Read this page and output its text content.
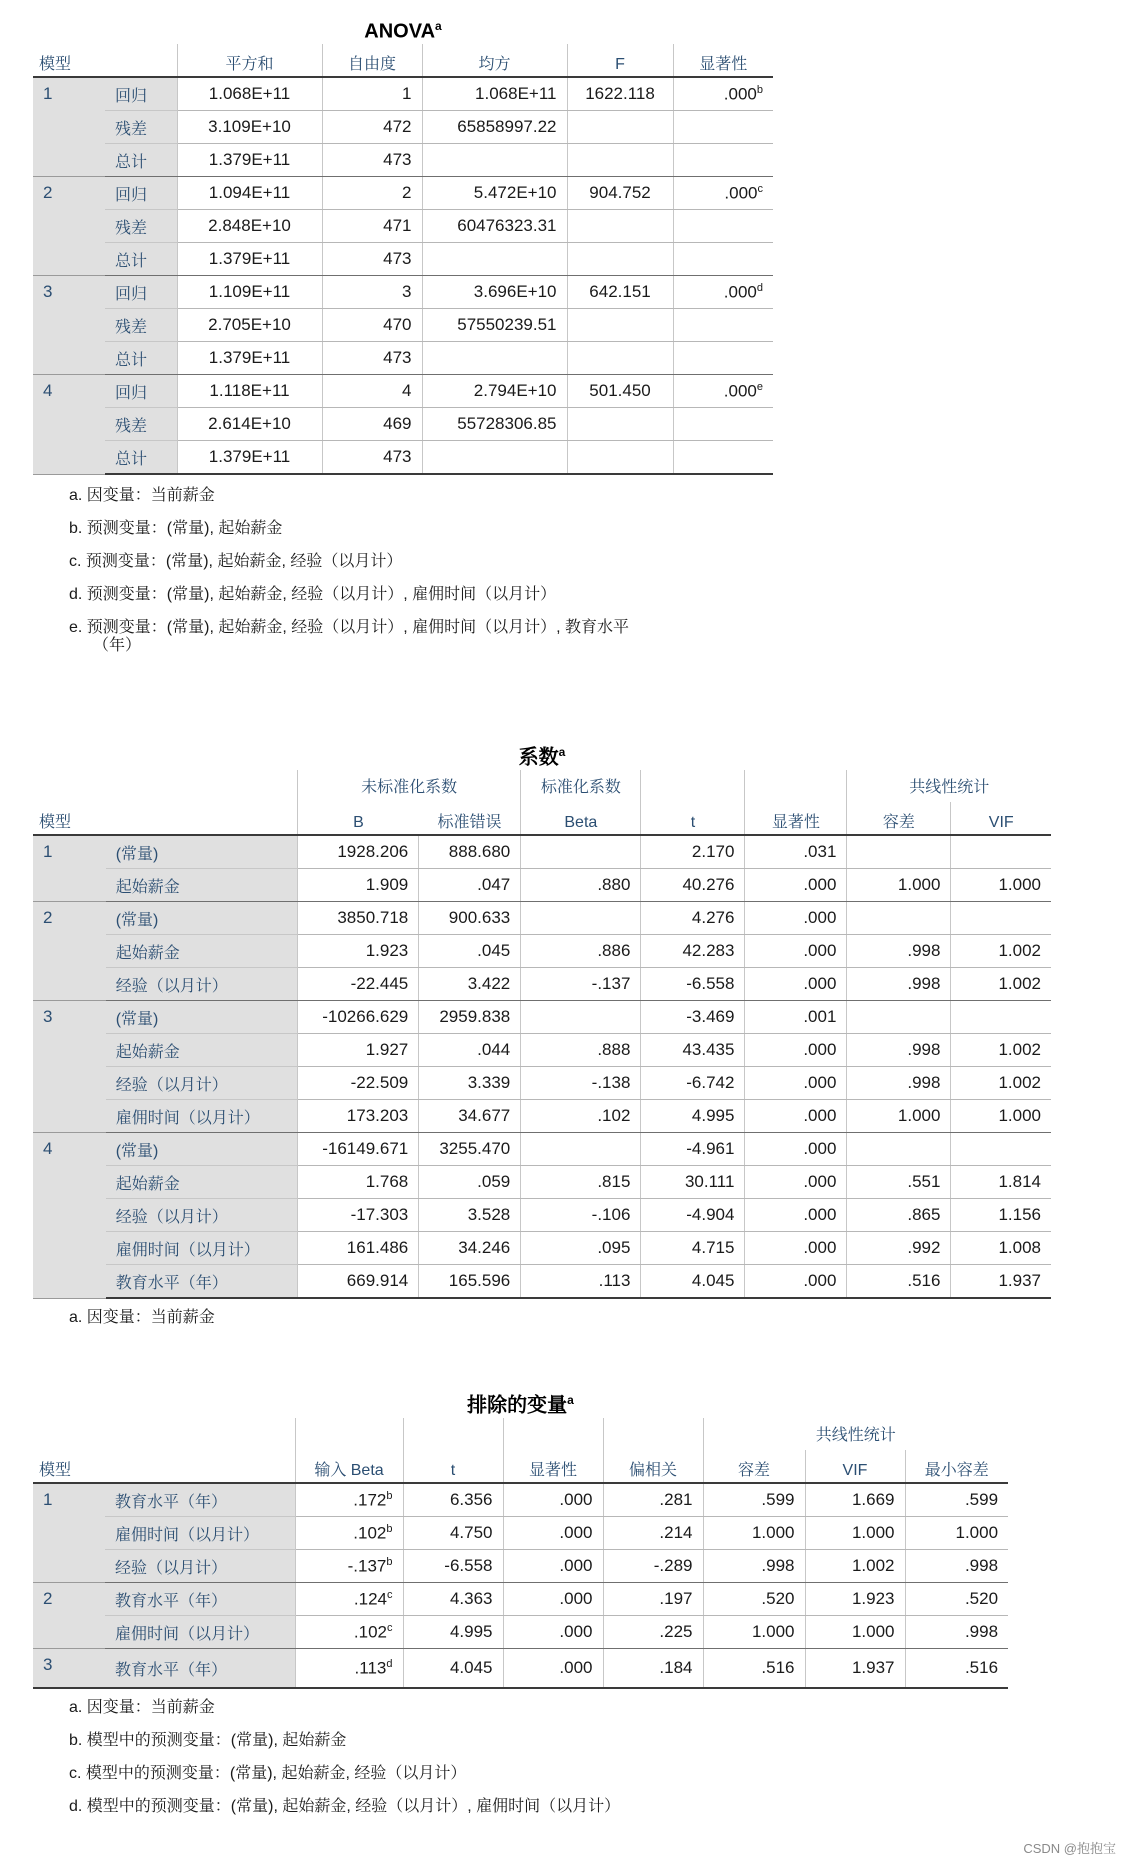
ANOVA$^a$
模型		平方和	自由度	均方	F	显著性
1	回归	1.068E+11	1	1.068E+11	1622.118	.000$^b$
	残差	3.109E+10	472	65858997.22		
	总计	1.379E+11	473			
2	回归	1.094E+11	2	5.472E+10	904.752	.000$^c$
	残差	2.848E+10	471	60476323.31		
	总计	1.379E+11	473			
3	回归	1.109E+11	3	3.696E+10	642.151	.000$^d$
	残差	2.705E+10	470	57550239.51		
	总计	1.379E+11	473			
4	回归	1.118E+11	4	2.794E+10	501.450	.000e
	残差	2.614E+10	469	55728306.85		
	总计	1.379E+11	473			
a. 因变量：当前薪金
b. 预测变量：(常量), 起始薪金
c. 预测变量：(常量), 起始薪金, 经验（以月计）
d. 预测变量：(常量), 起始薪金, 经验（以月计）, 雇佣时间（以月计）
e. 预测变量：(常量), 起始薪金, 经验（以月计）, 雇佣时间（以月计）, 教育水平
（年）
系数$^a$
		未标准化系数		标准化系数			共线性统计	
模型		B	标准错误	Beta	t	显著性	容差	VIF
1	(常量)	1928.206	888.680		2.170	.031		
	起始薪金	1.909	.047	.880	40.276	.000	1.000	1.000
2	(常量)	3850.718	900.633		4.276	.000		
	起始薪金	1.923	.045	.886	42.283	.000	.998	1.002
	经验（以月计）	-22.445	3.422	-.137	-6.558	.000	.998	1.002
3	(常量)	-10266.629	2959.838		-3.469	.001		
	起始薪金	1.927	.044	.888	43.435	.000	.998	1.002
	经验（以月计）	-22.509	3.339	-.138	-6.742	.000	.998	1.002
	雇佣时间（以月计）	173.203	34.677	.102	4.995	.000	1.000	1.000
4	(常量)	-16149.671	3255.470		-4.961	.000		
	起始薪金	1.768	.059	.815	30.111	.000	.551	1.814
	经验（以月计）	-17.303	3.528	-.106	-4.904	.000	.865	1.156
	雇佣时间（以月计）	161.486	34.246	.095	4.715	.000	.992	1.008
	教育水平（年）	669.914	165.596	.113	4.045	.000	.516	1.937
a. 因变量：当前薪金
排除的变量$^a$
						共线性统计		
模型		输入 Beta	t	显著性	偏相关	容差	VIF	最小容差
1	教育水平（年）	.172$^b$	6.356	.000	.281	.599	1.669	.599
	雇佣时间（以月计）	.102$^b$	4.750	.000	.214	1.000	1.000	1.000
	经验（以月计）	-.137$^b$	-6.558	.000	-.289	.998	1.002	.998
2	教育水平（年）	.124$^c$	4.363	.000	.197	.520	1.923	.520
	雇佣时间（以月计）	.102$^c$	4.995	.000	.225	1.000	1.000	.998
3	教育水平（年）	.113$^d$	4.045	.000	.184	.516	1.937	.516
a. 因变量：当前薪金
b. 模型中的预测变量：(常量), 起始薪金
c. 模型中的预测变量：(常量), 起始薪金, 经验（以月计）
d. 模型中的预测变量：(常量), 起始薪金, 经验（以月计）, 雇佣时间（以月计）
CSDN @抱抱宝
